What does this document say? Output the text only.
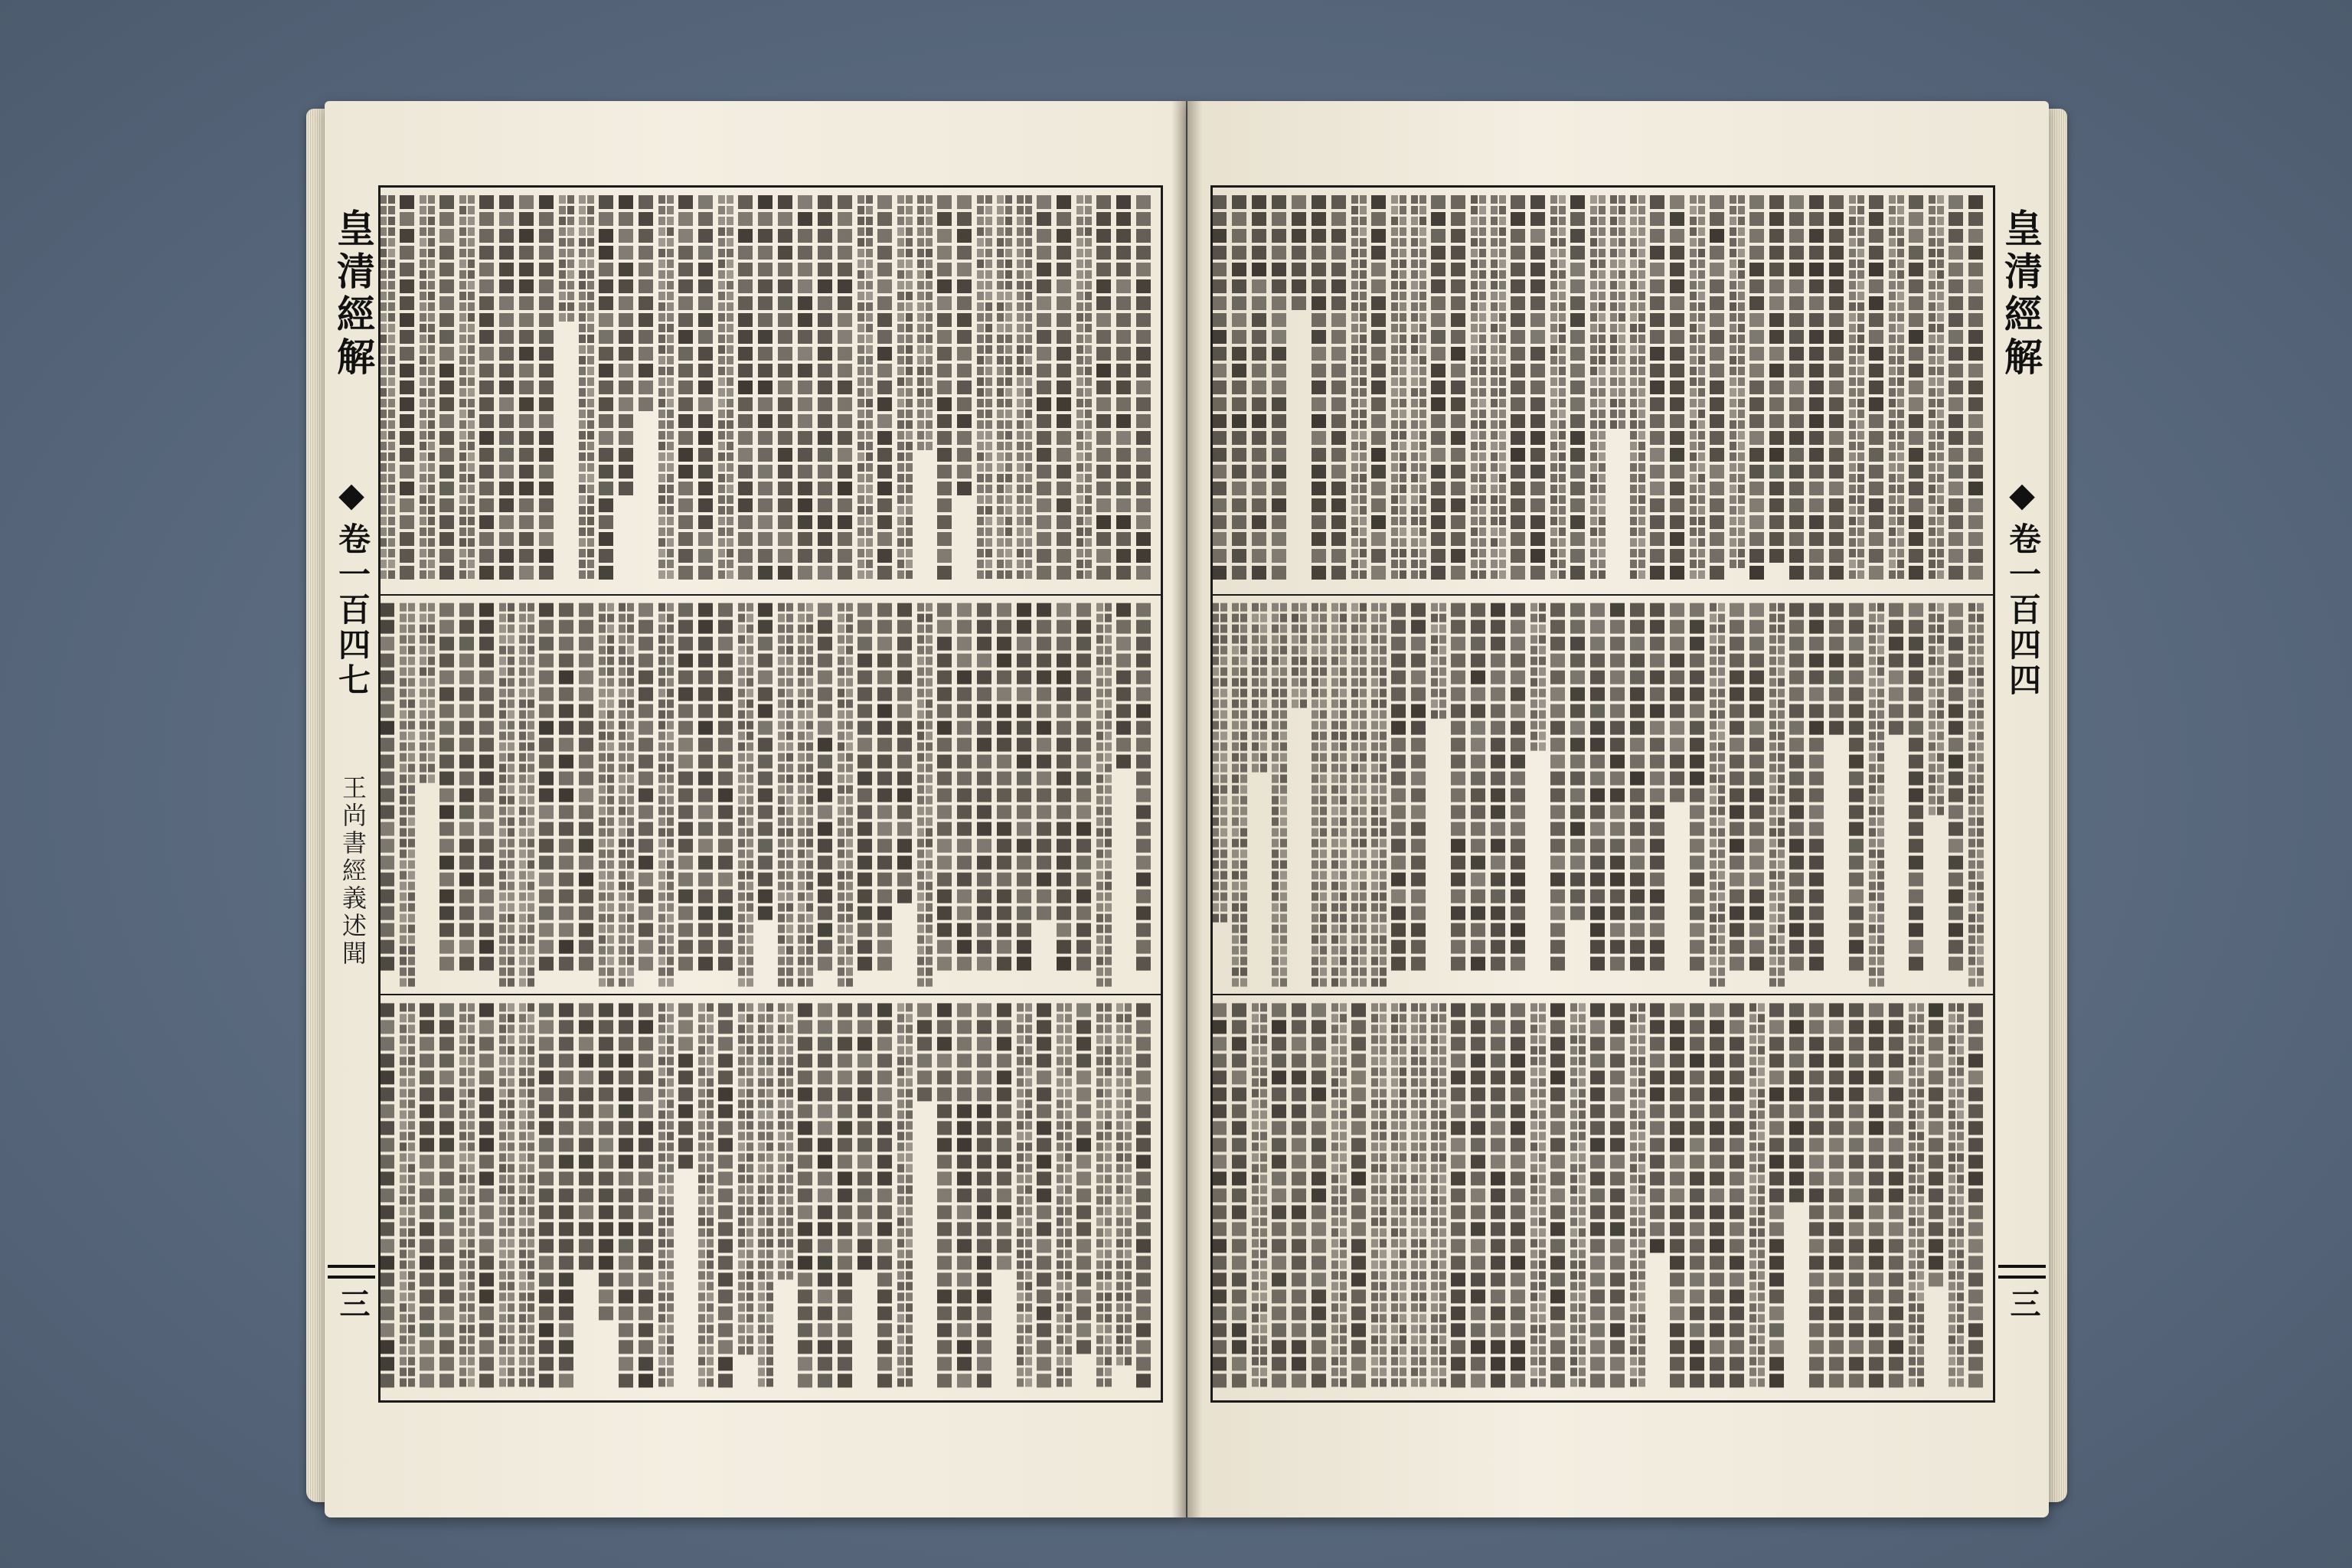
皇清經解
◆
卷一百四七
王尚書經義述聞
三
皇清經解
◆
卷一百四四
三
